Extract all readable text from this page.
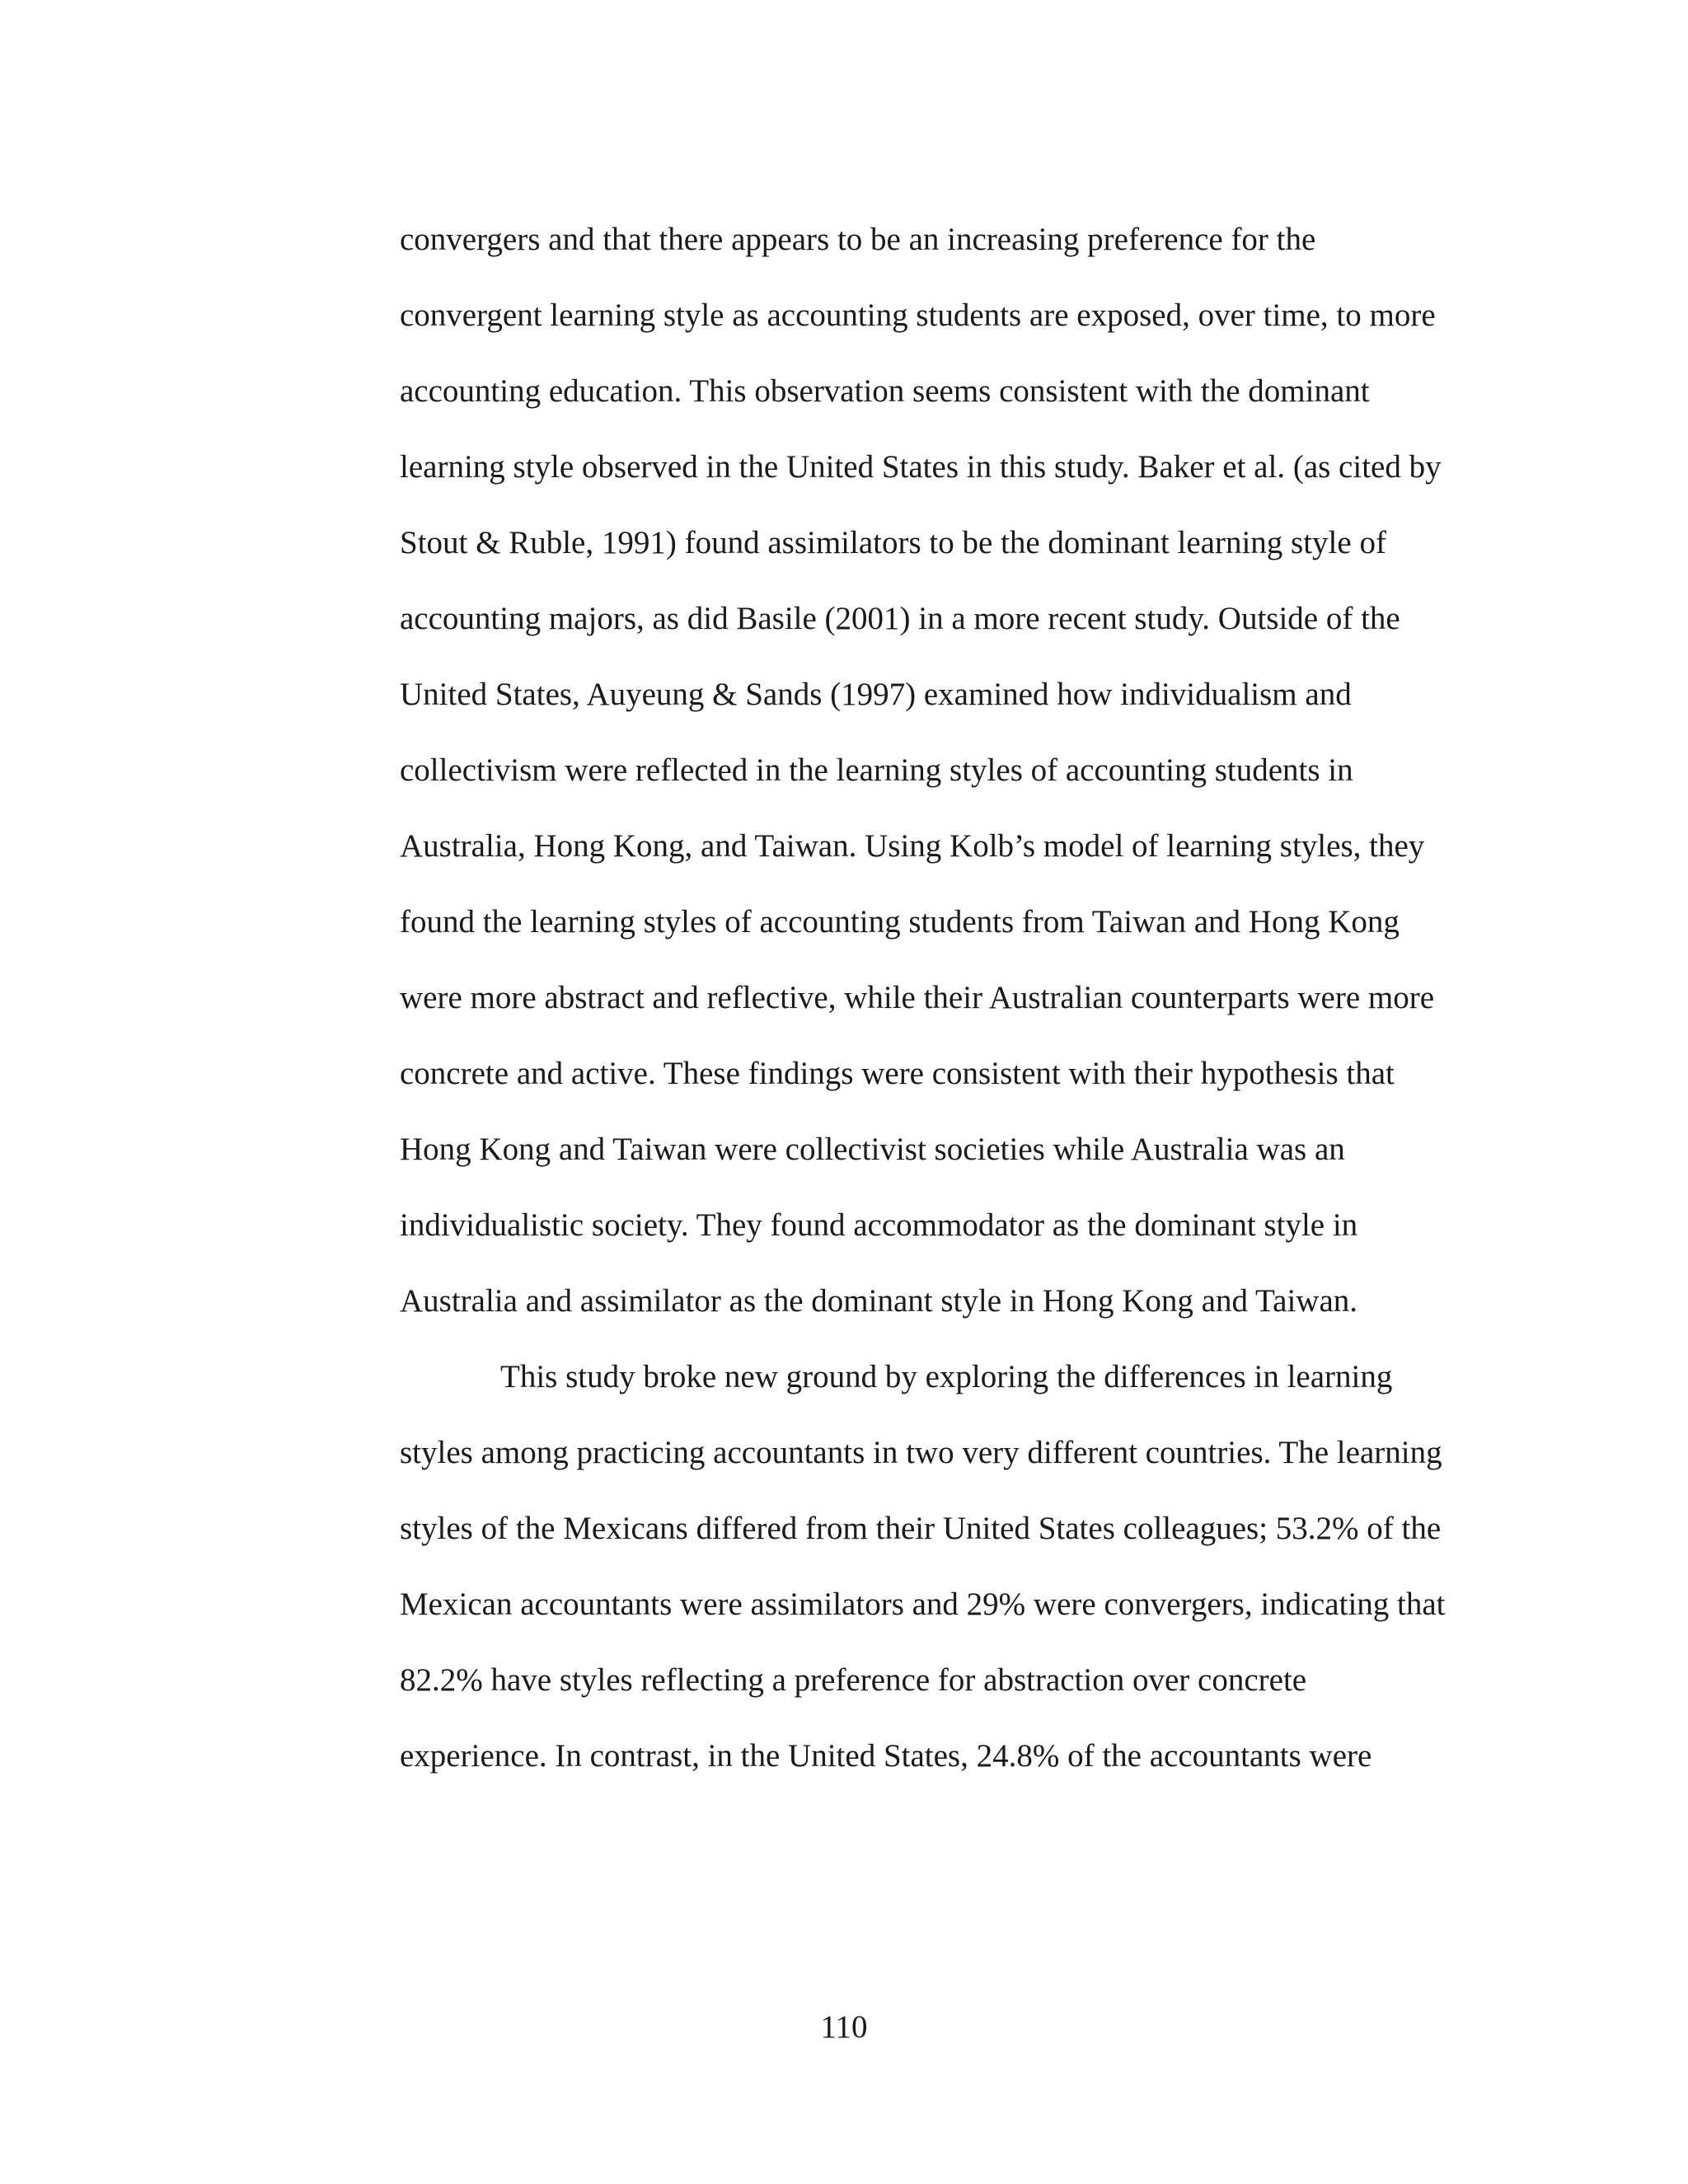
convergers and that there appears to be an increasing preference for the
convergent learning style as accounting students are exposed, over time, to more
accounting education. This observation seems consistent with the dominant
learning style observed in the United States in this study. Baker et al. (as cited by
Stout & Ruble, 1991) found assimilators to be the dominant learning style of
accounting majors, as did Basile (2001) in a more recent study. Outside of the
United States, Auyeung & Sands (1997) examined how individualism and
collectivism were reflected in the learning styles of accounting students in
Australia, Hong Kong, and Taiwan. Using Kolb’s model of learning styles, they
found the learning styles of accounting students from Taiwan and Hong Kong
were more abstract and reflective, while their Australian counterparts were more
concrete and active. These findings were consistent with their hypothesis that
Hong Kong and Taiwan were collectivist societies while Australia was an
individualistic society. They found accommodator as the dominant style in
Australia and assimilator as the dominant style in Hong Kong and Taiwan.
This study broke new ground by exploring the differences in learning
styles among practicing accountants in two very different countries. The learning
styles of the Mexicans differed from their United States colleagues; 53.2% of the
Mexican accountants were assimilators and 29% were convergers, indicating that
82.2% have styles reflecting a preference for abstraction over concrete
experience. In contrast, in the United States, 24.8% of the accountants were
110
